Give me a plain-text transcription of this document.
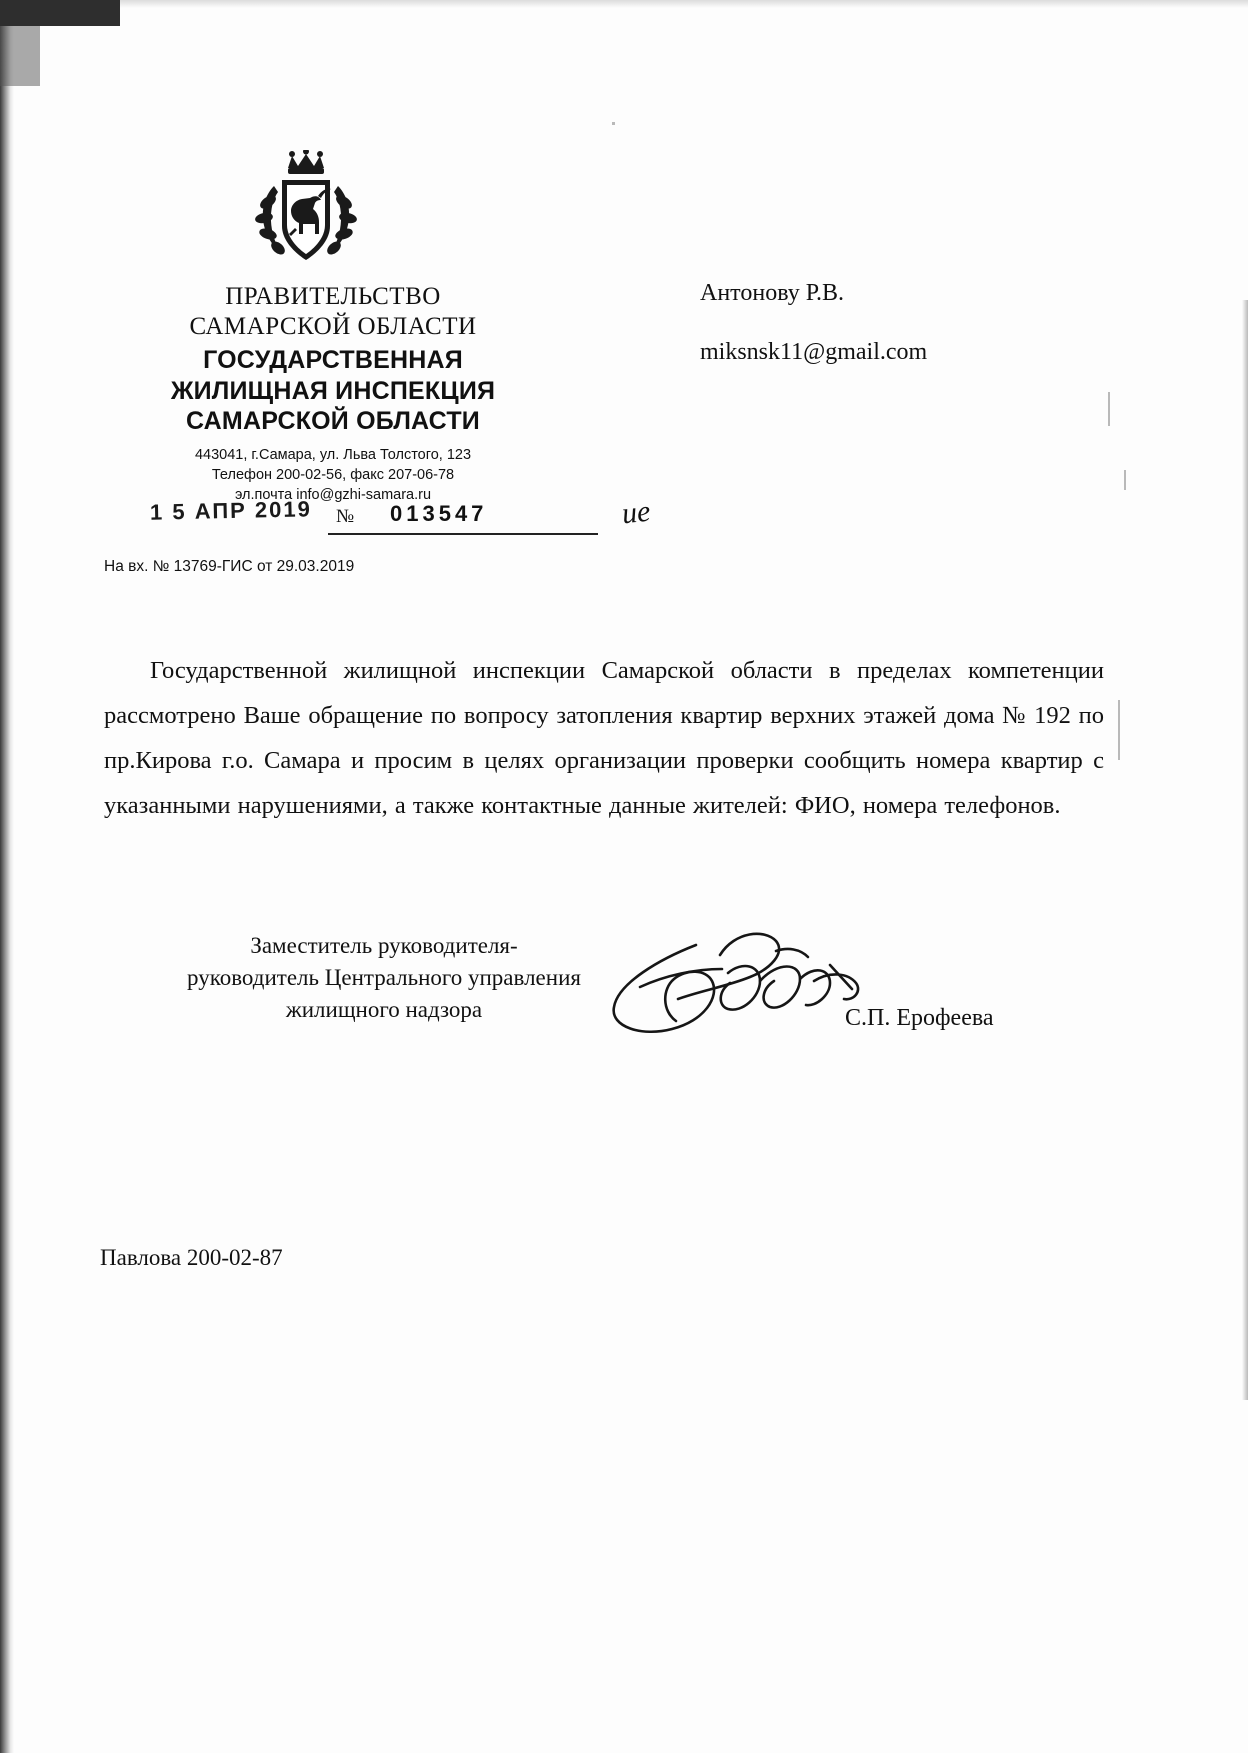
ПРАВИТЕЛЬСТВО
САМАРСКОЙ ОБЛАСТИ
ГОСУДАРСТВЕННАЯ
ЖИЛИЩНАЯ ИНСПЕКЦИЯ
САМАРСКОЙ ОБЛАСТИ
443041, г.Самара, ул. Льва Толстого, 123
Телефон 200-02-56, факс 207-06-78
эл.почта info@gzhi-samara.ru
1 5 АПР 2019 № 013547	ие
На вх. № 13769-ГИС от 29.03.2019
Антонову Р.В.
miksnsk11@gmail.com
Государственной жилищной инспекции Самарской области в пределах компетенции рассмотрено Ваше обращение по вопросу затопления квартир верхних этажей дома № 192 по пр.Кирова г.о. Самара и просим в целях организации проверки сообщить номера квартир с указанными нарушениями, а также контактные данные жителей: ФИО, номера телефонов.
Заместитель руководителя-
руководитель Центрального управления
жилищного надзора	С.П. Ерофеева
Павлова 200-02-87
